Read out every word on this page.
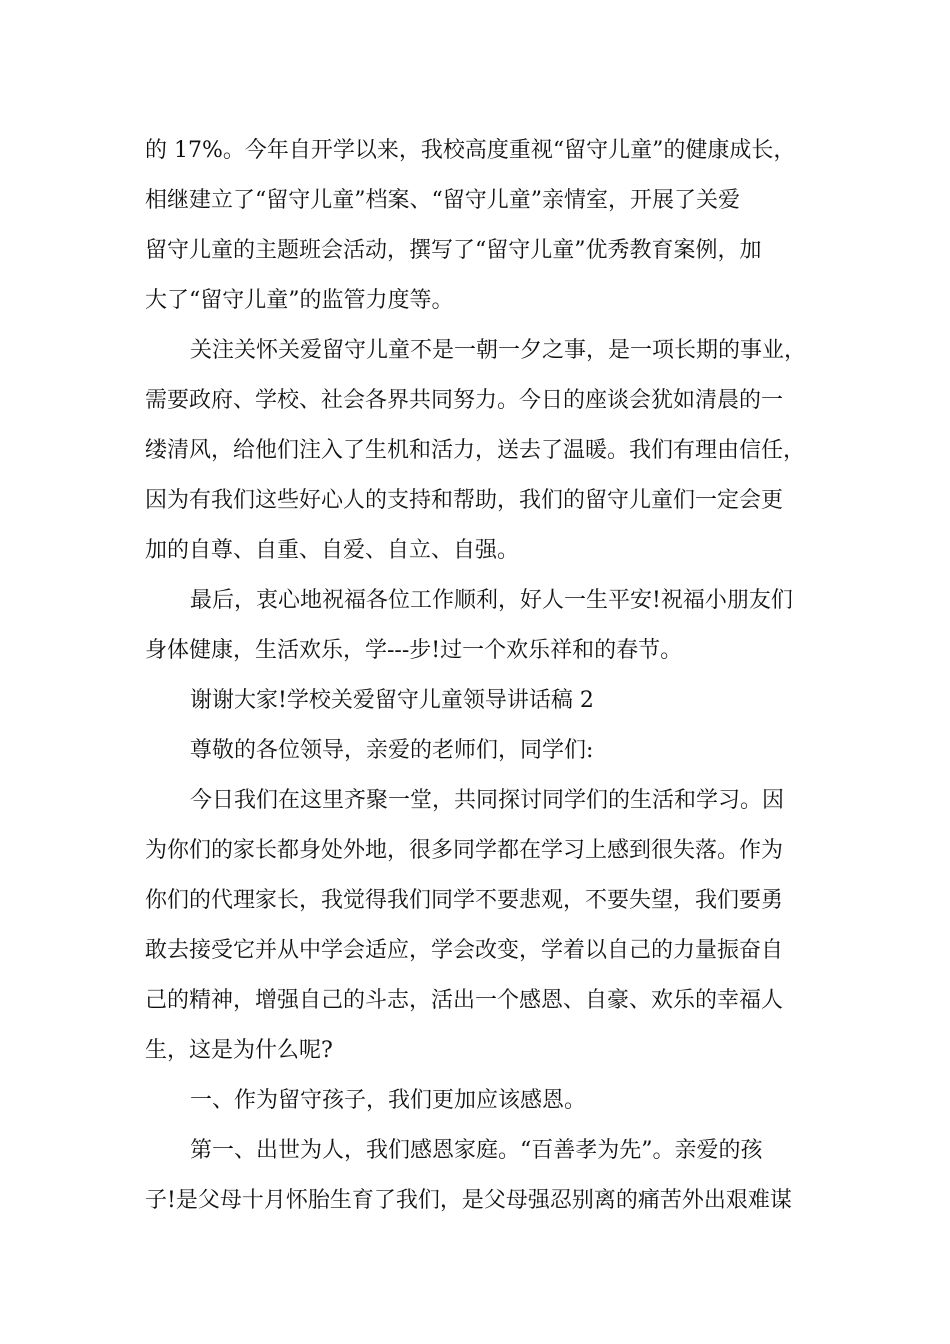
的 17%。今年自开学以来，我校高度重视“留守儿童”的健康成长，
相继建立了“留守儿童”档案、“留守儿童”亲情室，开展了关爱
留守儿童的主题班会活动，撰写了“留守儿童”优秀教育案例，加
大了“留守儿童”的监管力度等。
关注关怀关爱留守儿童不是一朝一夕之事，是一项长期的事业，
需要政府、学校、社会各界共同努力。今日的座谈会犹如清晨的一
缕清风，给他们注入了生机和活力，送去了温暖。我们有理由信任，
因为有我们这些好心人的支持和帮助，我们的留守儿童们一定会更
加的自尊、自重、自爱、自立、自强。
最后，衷心地祝福各位工作顺利，好人一生平安!祝福小朋友们
身体健康，生活欢乐，学---步!过一个欢乐祥和的春节。
谢谢大家!学校关爱留守儿童领导讲话稿 2
尊敬的各位领导，亲爱的老师们，同学们:
今日我们在这里齐聚一堂，共同探讨同学们的生活和学习。因
为你们的家长都身处外地，很多同学都在学习上感到很失落。作为
你们的代理家长，我觉得我们同学不要悲观，不要失望，我们要勇
敢去接受它并从中学会适应，学会改变，学着以自己的力量振奋自
己的精神，增强自己的斗志，活出一个感恩、自豪、欢乐的幸福人
生，这是为什么呢?
一、作为留守孩子，我们更加应该感恩。
第一、出世为人，我们感恩家庭。“百善孝为先”。亲爱的孩
子!是父母十月怀胎生育了我们，是父母强忍别离的痛苦外出艰难谋
